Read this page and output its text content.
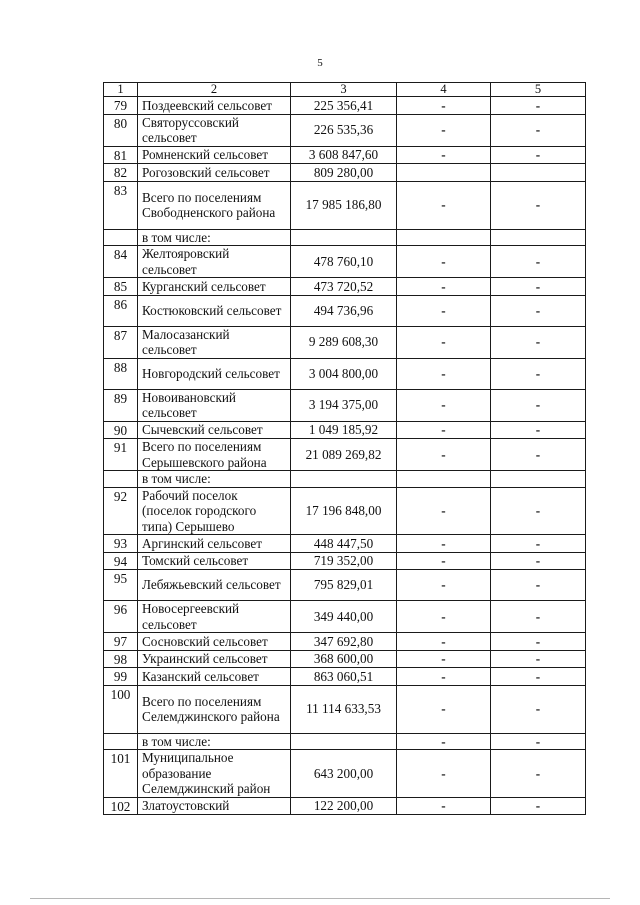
5
1	2	3	4	5
79	Поздеевский сельсовет	225 356,41	-	-
80	Святоруссовский сельсовет	226 535,36	-	-
81	Ромненский сельсовет	3 608 847,60	-	-
82	Рогозовский сельсовет	809 280,00		
83	Всего по поселениям Свободненского района	17 985 186,80	-	-
	в том числе:			
84	Желтояровский сельсовет	478 760,10	-	-
85	Курганский сельсовет	473 720,52	-	-
86	Костюковский сельсовет	494 736,96	-	-
87	Малосазанский сельсовет	9 289 608,30	-	-
88	Новгородский сельсовет	3 004 800,00	-	-
89	Новоивановский сельсовет	3 194 375,00	-	-
90	Сычевский сельсовет	1 049 185,92	-	-
91	Всего по поселениям Серышевского района	21 089 269,82	-	-
	в том числе:			
92	Рабочий поселок (поселок городского типа) Серышево	17 196 848,00	-	-
93	Аргинский сельсовет	448 447,50	-	-
94	Томский сельсовет	719 352,00	-	-
95	Лебяжьевский сельсовет	795 829,01	-	-
96	Новосергеевский сельсовет	349 440,00	-	-
97	Сосновский сельсовет	347 692,80	-	-
98	Украинский сельсовет	368 600,00	-	-
99	Казанский сельсовет	863 060,51	-	-
100	Всего по поселениям Селемджинского района	11 114 633,53	-	-
	в том числе:		-	-
101	Муниципальное образование Селемджинский район	643 200,00	-	-
102	Златоустовский	122 200,00	-	-
